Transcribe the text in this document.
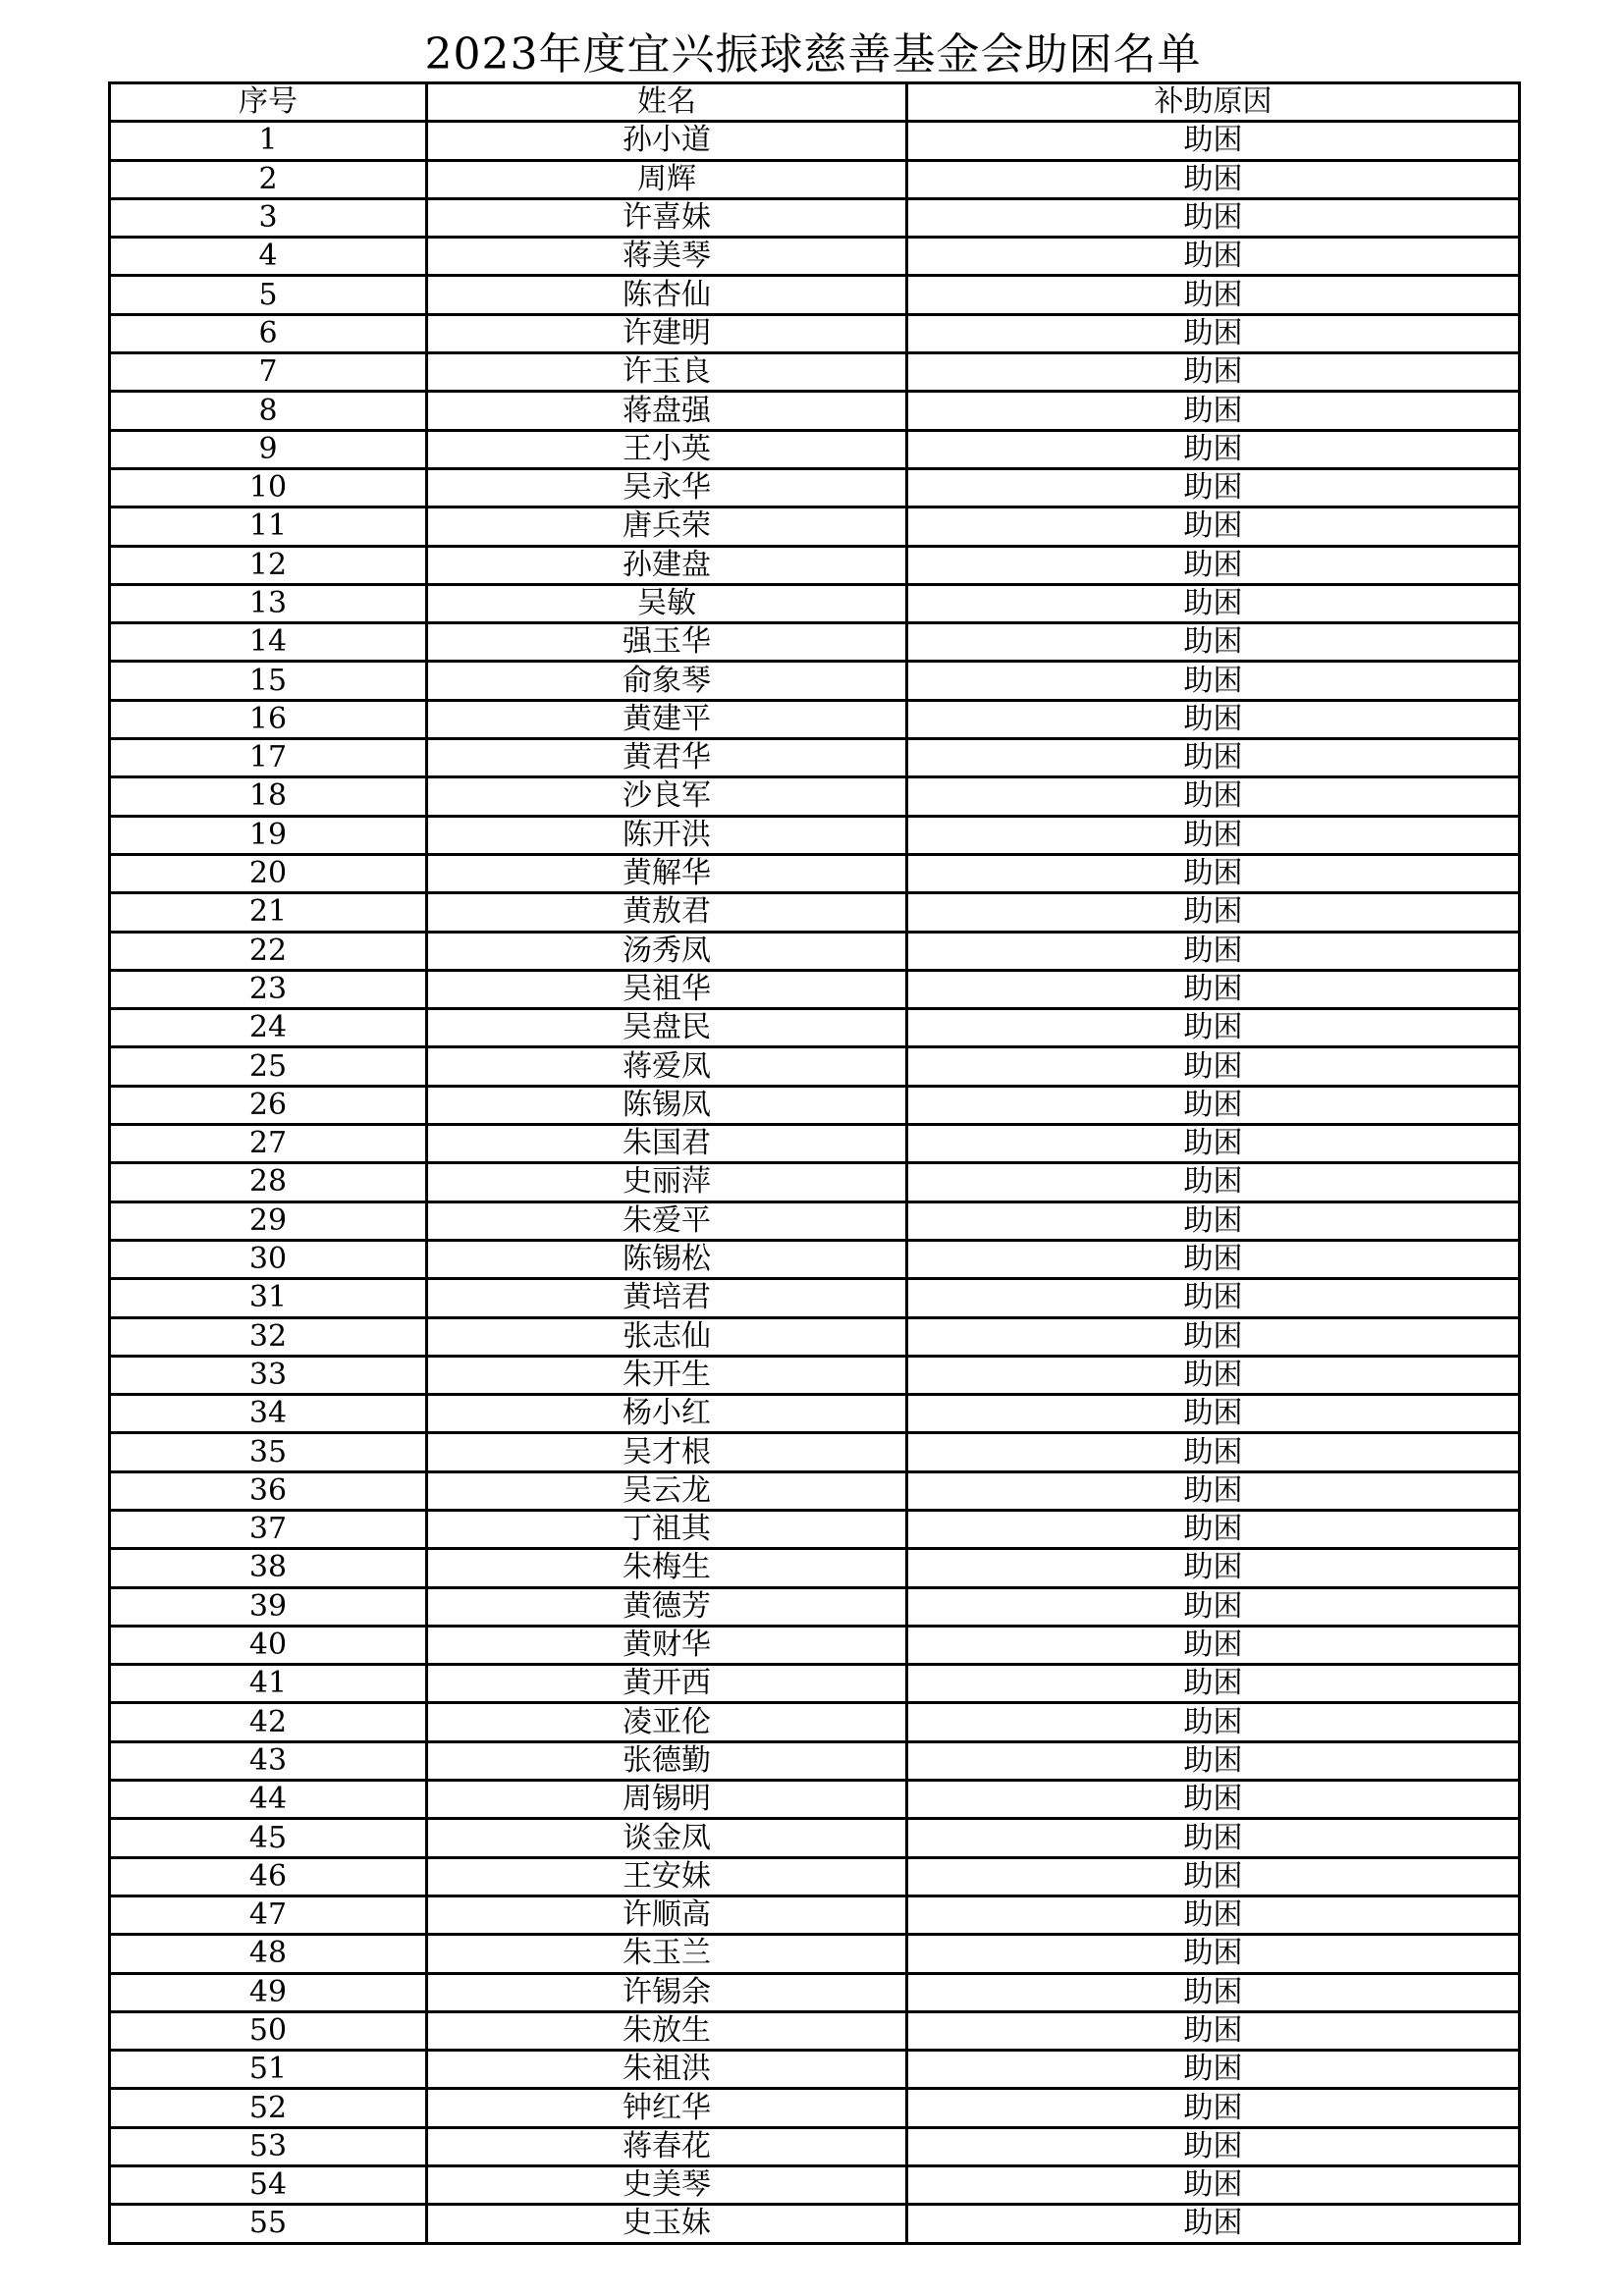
2023年度宜兴振球慈善基金会助困名单
序号	姓名	补助原因
1	孙小道	助困
2	周辉	助困
3	许喜妹	助困
4	蒋美琴	助困
5	陈杏仙	助困
6	许建明	助困
7	许玉良	助困
8	蒋盘强	助困
9	王小英	助困
10	吴永华	助困
11	唐兵荣	助困
12	孙建盘	助困
13	吴敏	助困
14	强玉华	助困
15	俞象琴	助困
16	黄建平	助困
17	黄君华	助困
18	沙良军	助困
19	陈开洪	助困
20	黄解华	助困
21	黄敖君	助困
22	汤秀凤	助困
23	吴祖华	助困
24	吴盘民	助困
25	蒋爱凤	助困
26	陈锡凤	助困
27	朱国君	助困
28	史丽萍	助困
29	朱爱平	助困
30	陈锡松	助困
31	黄培君	助困
32	张志仙	助困
33	朱开生	助困
34	杨小红	助困
35	吴才根	助困
36	吴云龙	助困
37	丁祖其	助困
38	朱梅生	助困
39	黄德芳	助困
40	黄财华	助困
41	黄开西	助困
42	凌亚伦	助困
43	张德勤	助困
44	周锡明	助困
45	谈金凤	助困
46	王安妹	助困
47	许顺高	助困
48	朱玉兰	助困
49	许锡余	助困
50	朱放生	助困
51	朱祖洪	助困
52	钟红华	助困
53	蒋春花	助困
54	史美琴	助困
55	史玉妹	助困
